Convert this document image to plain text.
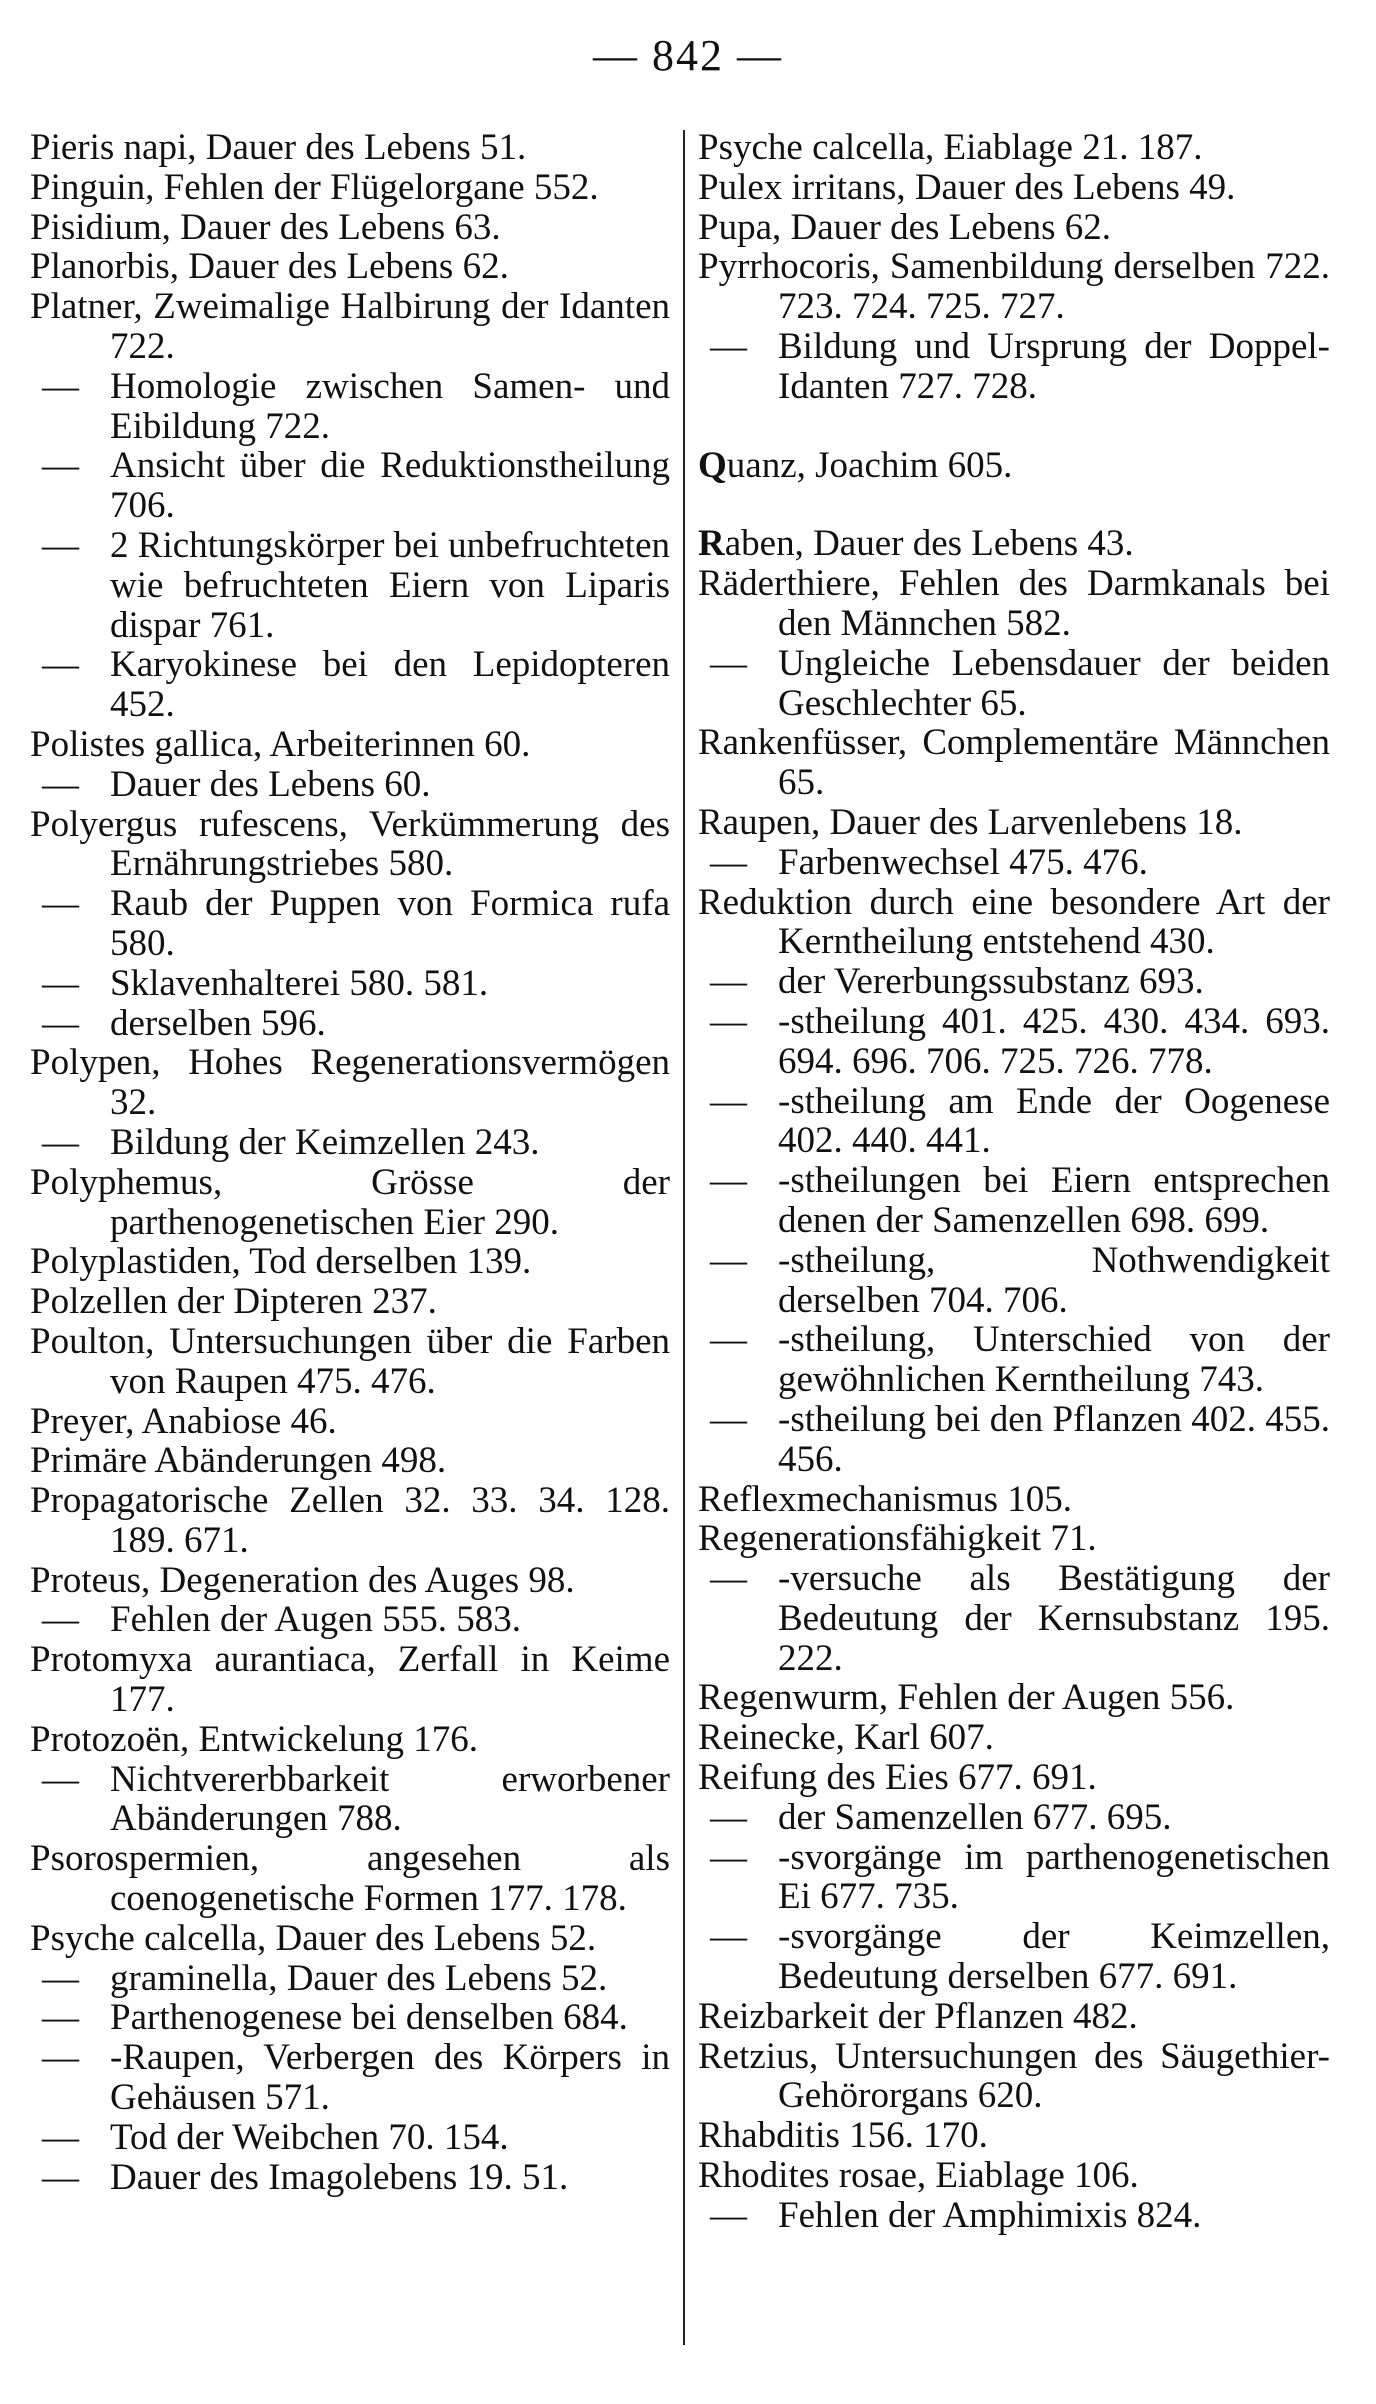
— 842 —
Pieris napi, Dauer des Lebens 51.
Pinguin, Fehlen der Flügelorgane 552.
Pisidium, Dauer des Lebens 63.
Planorbis, Dauer des Lebens 62.
Platner, Zweimalige Halbirung der Idanten 722.
— Homologie zwischen Samen- und Eibildung 722.
— Ansicht über die Reduktionstheilung 706.
— 2 Richtungskörper bei unbefruchteten wie befruchteten Eiern von Liparis dispar 761.
— Karyokinese bei den Lepidopteren 452.
Polistes gallica, Arbeiterinnen 60.
— Dauer des Lebens 60.
Polyergus rufescens, Verkümmerung des Ernährungstriebes 580.
— Raub der Puppen von Formica rufa 580.
— Sklavenhalterei 580. 581.
— derselben 596.
Polypen, Hohes Regenerationsvermögen 32.
— Bildung der Keimzellen 243.
Polyphemus, Grösse der parthenogenetischen Eier 290.
Polyplastiden, Tod derselben 139.
Polzellen der Dipteren 237.
Poulton, Untersuchungen über die Farben von Raupen 475. 476.
Preyer, Anabiose 46.
Primäre Abänderungen 498.
Propagatorische Zellen 32. 33. 34. 128. 189. 671.
Proteus, Degeneration des Auges 98.
— Fehlen der Augen 555. 583.
Protomyxa aurantiaca, Zerfall in Keime 177.
Protozoën, Entwickelung 176.
— Nichtvererbbarkeit erworbener Abänderungen 788.
Psorospermien, angesehen als coenogenetische Formen 177. 178.
Psyche calcella, Dauer des Lebens 52.
— graminella, Dauer des Lebens 52.
— Parthenogenese bei denselben 684.
— -Raupen, Verbergen des Körpers in Gehäusen 571.
— Tod der Weibchen 70. 154.
— Dauer des Imagolebens 19. 51.
Psyche calcella, Eiablage 21. 187.
Pulex irritans, Dauer des Lebens 49.
Pupa, Dauer des Lebens 62.
Pyrrhocoris, Samenbildung derselben 722. 723. 724. 725. 727.
— Bildung und Ursprung der Doppel-Idanten 727. 728.
Quanz, Joachim 605.
Raben, Dauer des Lebens 43.
Räderthiere, Fehlen des Darmkanals bei den Männchen 582.
— Ungleiche Lebensdauer der beiden Geschlechter 65.
Rankenfüsser, Complementäre Männchen 65.
Raupen, Dauer des Larvenlebens 18.
— Farbenwechsel 475. 476.
Reduktion durch eine besondere Art der Kerntheilung entstehend 430.
— der Vererbungssubstanz 693.
— -stheilung 401. 425. 430. 434. 693. 694. 696. 706. 725. 726. 778.
— -stheilung am Ende der Oogenese 402. 440. 441.
— -stheilungen bei Eiern entsprechen denen der Samenzellen 698. 699.
— -stheilung, Nothwendigkeit derselben 704. 706.
— -stheilung, Unterschied von der gewöhnlichen Kerntheilung 743.
— -stheilung bei den Pflanzen 402. 455. 456.
Reflexmechanismus 105.
Regenerationsfähigkeit 71.
— -versuche als Bestätigung der Bedeutung der Kernsubstanz 195. 222.
Regenwurm, Fehlen der Augen 556.
Reinecke, Karl 607.
Reifung des Eies 677. 691.
— der Samenzellen 677. 695.
— -svorgänge im parthenogenetischen Ei 677. 735.
— -svorgänge der Keimzellen, Bedeutung derselben 677. 691.
Reizbarkeit der Pflanzen 482.
Retzius, Untersuchungen des Säugethier-Gehörorgans 620.
Rhabditis 156. 170.
Rhodites rosae, Eiablage 106.
— Fehlen der Amphimixis 824.
